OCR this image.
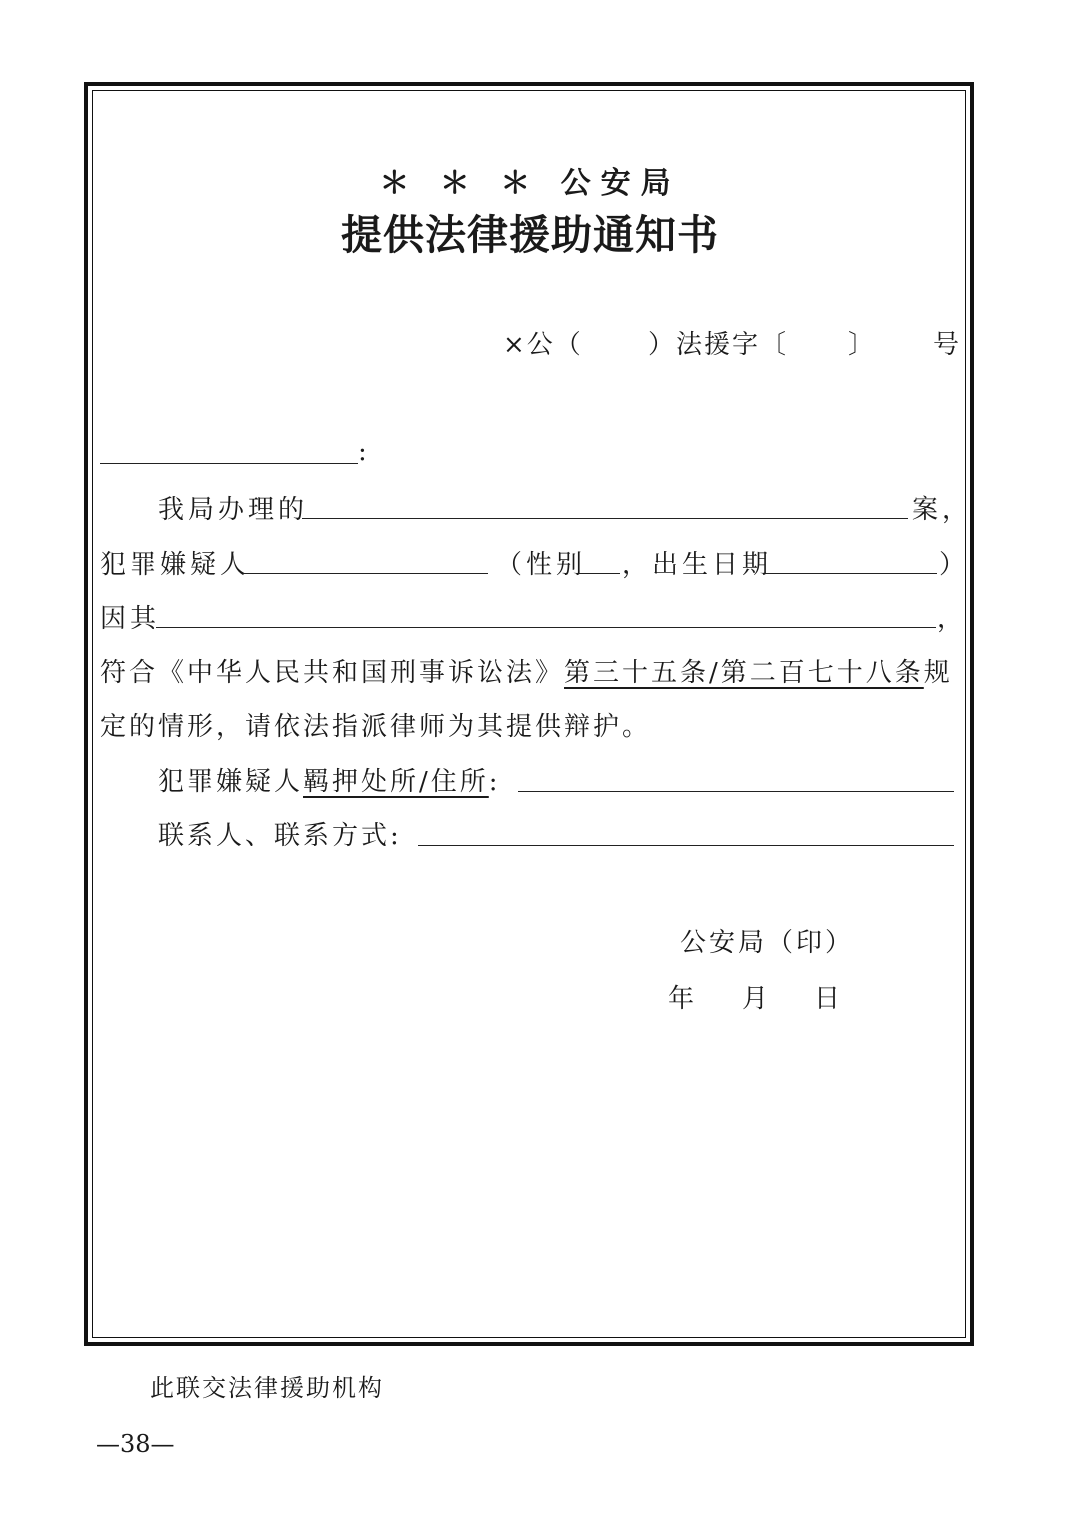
＊ ＊ ＊ 公安局
提供法律援助通知书
×公（	）法援字〔 〕 号
:
我局办理的	案，
犯罪嫌疑人	（性别 ，出生日期	）
因其	，
符合《中华人民共和国刑事诉讼法》第三十五条/第二百七十八条规
定的情形，请依法指派律师为其提供辩护。
犯罪嫌疑人羁押处所/住所:
联系人、联系方式:
公安局（印）
年 月 日
此联交法律援助机构
—38—
